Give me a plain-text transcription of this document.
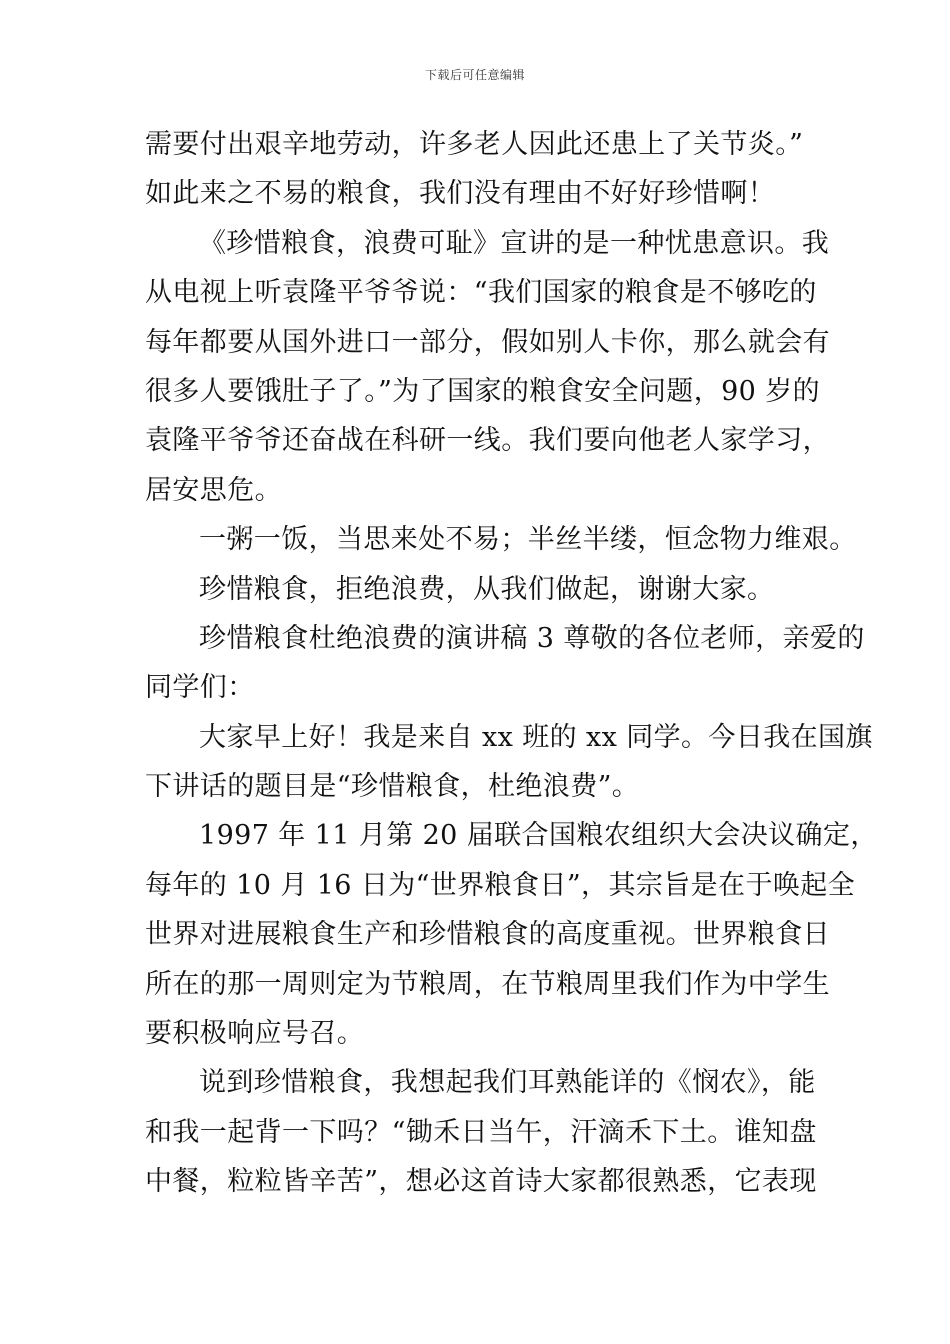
下载后可任意编辑
需要付出艰辛地劳动，许多老人因此还患上了关节炎。”
如此来之不易的粮食，我们没有理由不好好珍惜啊！
《珍惜粮食，浪费可耻》宣讲的是一种忧患意识。我
从电视上听袁隆平爷爷说：“我们国家的粮食是不够吃的
每年都要从国外进口一部分，假如别人卡你，那么就会有
很多人要饿肚子了。”为了国家的粮食安全问题，90 岁的
袁隆平爷爷还奋战在科研一线。我们要向他老人家学习，
居安思危。
一粥一饭，当思来处不易；半丝半缕，恒念物力维艰。
珍惜粮食，拒绝浪费，从我们做起，谢谢大家。
珍惜粮食杜绝浪费的演讲稿 3 尊敬的各位老师，亲爱的
同学们：
大家早上好！我是来自 xx 班的 xx 同学。今日我在国旗
下讲话的题目是“珍惜粮食，杜绝浪费”。
1997 年 11 月第 20 届联合国粮农组织大会决议确定，
每年的 10 月 16 日为“世界粮食日”，其宗旨是在于唤起全
世界对进展粮食生产和珍惜粮食的高度重视。世界粮食日
所在的那一周则定为节粮周，在节粮周里我们作为中学生
要积极响应号召。
说到珍惜粮食，我想起我们耳熟能详的《悯农》，能
和我一起背一下吗？“锄禾日当午，汗滴禾下土。谁知盘
中餐，粒粒皆辛苦”，想必这首诗大家都很熟悉，它表现
